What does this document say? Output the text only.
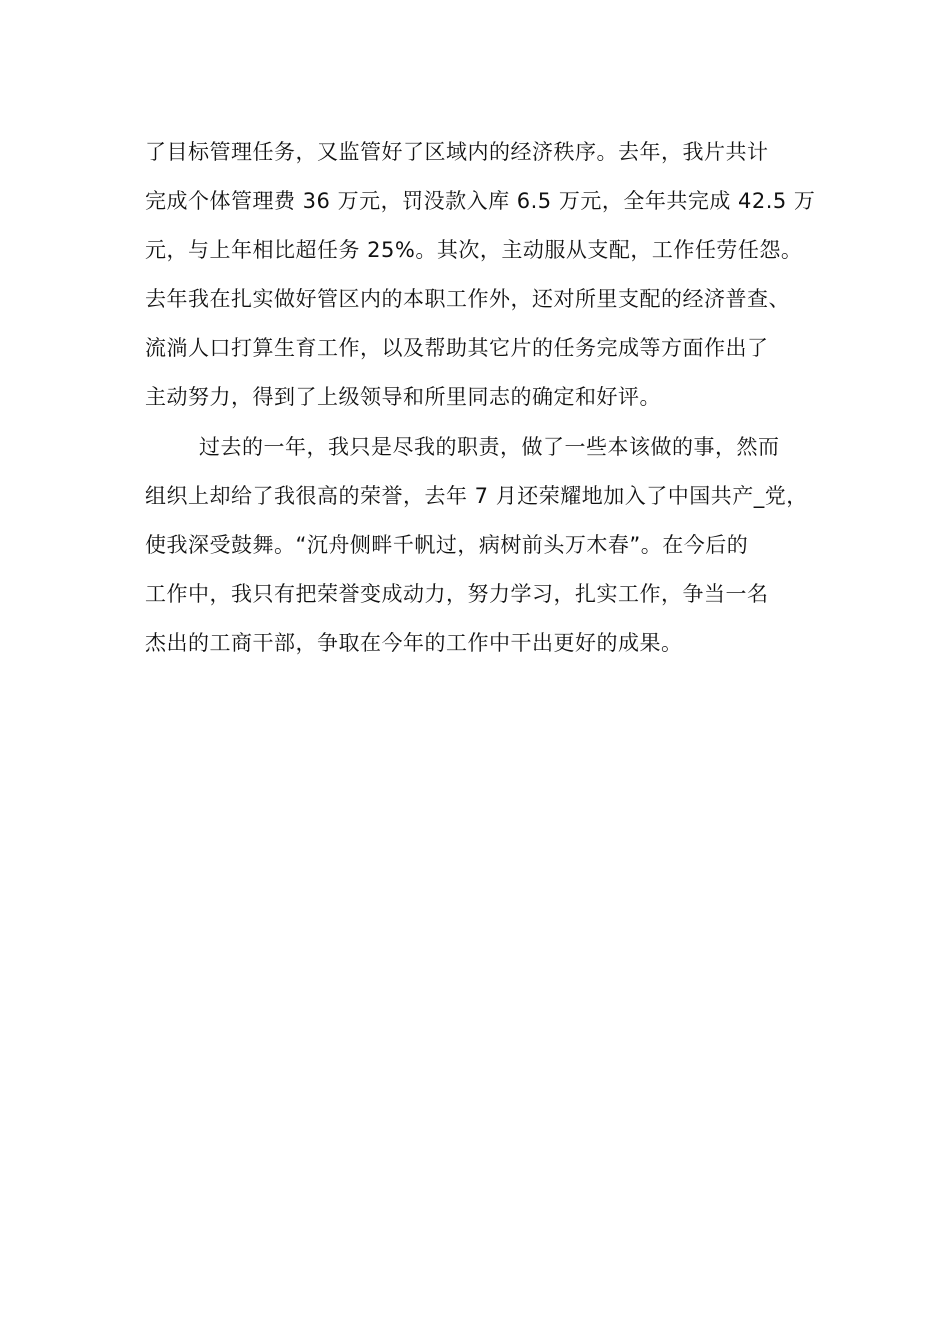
了目标管理任务，又监管好了区域内的经济秩序。去年，我片共计
完成个体管理费 36 万元，罚没款入库 6.5 万元，全年共完成 42.5 万
元，与上年相比超任务 25%。其次，主动服从支配，工作任劳任怨。
去年我在扎实做好管区内的本职工作外，还对所里支配的经济普查、
流淌人口打算生育工作，以及帮助其它片的任务完成等方面作出了
主动努力，得到了上级领导和所里同志的确定和好评。
过去的一年，我只是尽我的职责，做了一些本该做的事，然而
组织上却给了我很高的荣誉，去年 7 月还荣耀地加入了中国共产_党，
使我深受鼓舞。“沉舟侧畔千帆过，病树前头万木春”。在今后的
工作中，我只有把荣誉变成动力，努力学习，扎实工作，争当一名
杰出的工商干部，争取在今年的工作中干出更好的成果。
